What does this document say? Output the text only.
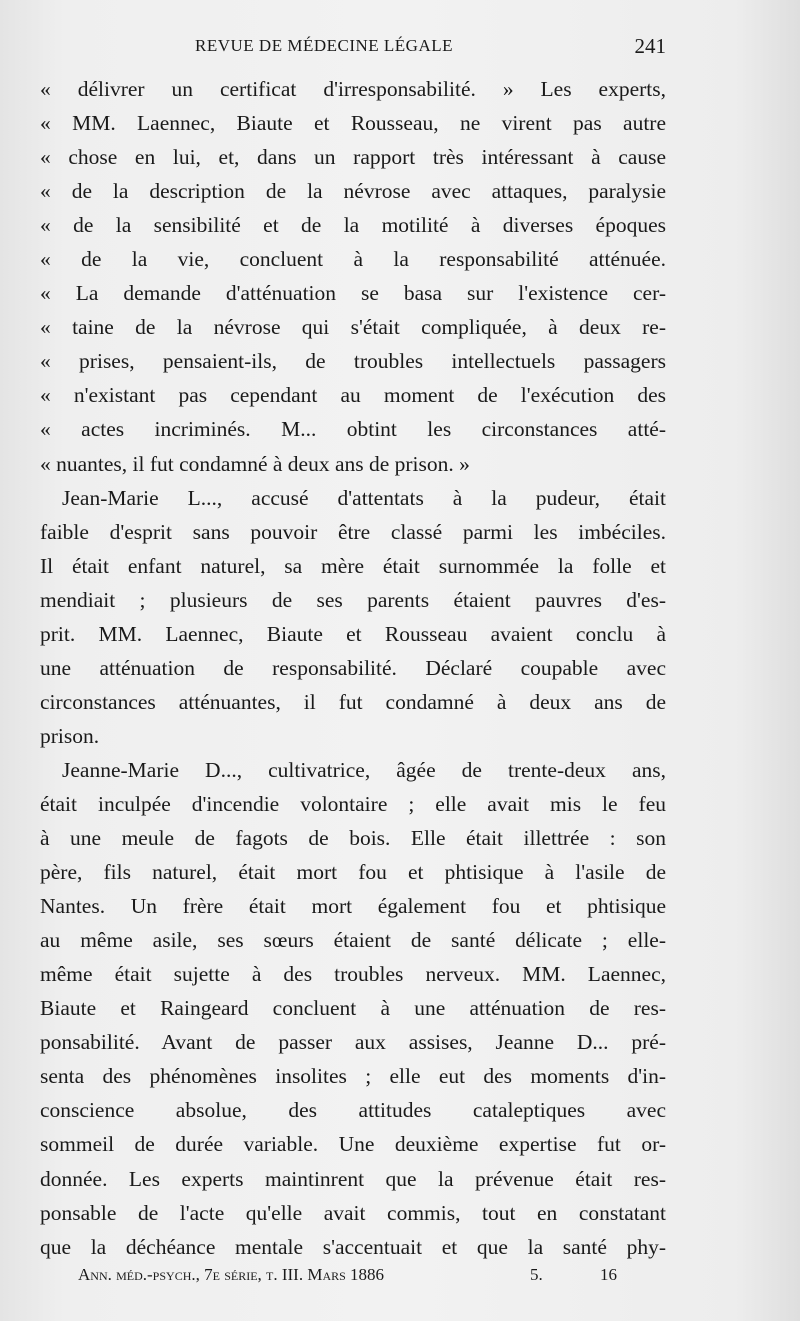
REVUE DE MÉDECINE LÉGALE	241
« délivrer un certificat d'irresponsabilité. » Les experts,
« MM. Laennec, Biaute et Rousseau, ne virent pas autre
« chose en lui, et, dans un rapport très intéressant à cause
« de la description de la névrose avec attaques, paralysie
« de la sensibilité et de la motilité à diverses époques
« de la vie, concluent à la responsabilité atténuée.
« La demande d'atténuation se basa sur l'existence cer-
« taine de la névrose qui s'était compliquée, à deux re-
« prises, pensaient-ils, de troubles intellectuels passagers
« n'existant pas cependant au moment de l'exécution des
« actes incriminés. M... obtint les circonstances atté-
« nuantes, il fut condamné à deux ans de prison. »
Jean-Marie L..., accusé d'attentats à la pudeur, était
faible d'esprit sans pouvoir être classé parmi les imbéciles.
Il était enfant naturel, sa mère était surnommée la folle et
mendiait ; plusieurs de ses parents étaient pauvres d'es-
prit. MM. Laennec, Biaute et Rousseau avaient conclu à
une atténuation de responsabilité. Déclaré coupable avec
circonstances atténuantes, il fut condamné à deux ans de
prison.
Jeanne-Marie D..., cultivatrice, âgée de trente-deux ans,
était inculpée d'incendie volontaire ; elle avait mis le feu
à une meule de fagots de bois. Elle était illettrée : son
père, fils naturel, était mort fou et phtisique à l'asile de
Nantes. Un frère était mort également fou et phtisique
au même asile, ses sœurs étaient de santé délicate ; elle-
même était sujette à des troubles nerveux. MM. Laennec,
Biaute et Raingeard concluent à une atténuation de res-
ponsabilité. Avant de passer aux assises, Jeanne D... pré-
senta des phénomènes insolites ; elle eut des moments d'in-
conscience absolue, des attitudes cataleptiques avec
sommeil de durée variable. Une deuxième expertise fut or-
donnée. Les experts maintinrent que la prévenue était res-
ponsable de l'acte qu'elle avait commis, tout en constatant
que la déchéance mentale s'accentuait et que la santé phy-
Ann. méd.-psych., 7e série, t. III. Mars 1886	5.	16
